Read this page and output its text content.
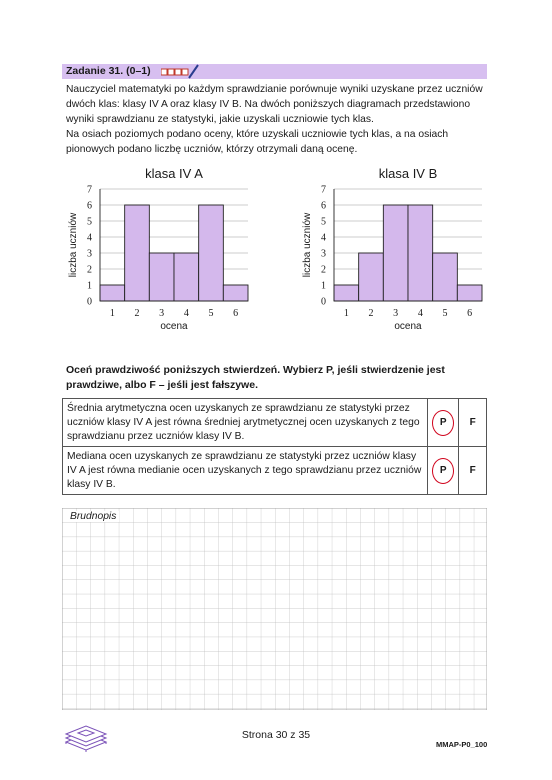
Zadanie 31. (0–1)

Nauczyciel matematyki po każdym sprawdzianie porównuje wyniki uzyskane przez uczniów dwóch klas: klasy IV A oraz klasy IV B. Na dwóch poniższych diagramach przedstawiono wyniki sprawdzianu ze statystyki, jakie uzyskali uczniowie tych klas.

Na osiach poziomych podano oceny, które uzyskali uczniowie tych klas, a na osiach pionowych podano liczbę uczniów, którzy otrzymali daną ocenę.

klasa IV A
0
1
2
3
4
5
6
7
1 2 3 4 5 6
ocena
liczba uczniów
klasa IV B
0
1
2
3
4
5
6
7
1 2 3 4 5 6
ocena
liczba uczniów
Oceń prawdziwość poniższych stwierdzeń. Wybierz P, jeśli stwierdzenie jest prawdziwe, albo F – jeśli jest fałszywe.
Średnia arytmetyczna ocen uzyskanych ze sprawdzianu ze statystyki przez uczniów klasy IV A jest równa średniej arytmetycznej ocen uzyskanych z tego sprawdzianu przez uczniów klasy IV B.	P	F
Mediana ocen uzyskanych ze sprawdzianu ze statystyki przez uczniów klasy IV A jest równa medianie ocen uzyskanych z tego sprawdzianu przez uczniów klasy IV B.	P	F
Brudnopis
Strona 30 z 35
MMAP-P0_100
